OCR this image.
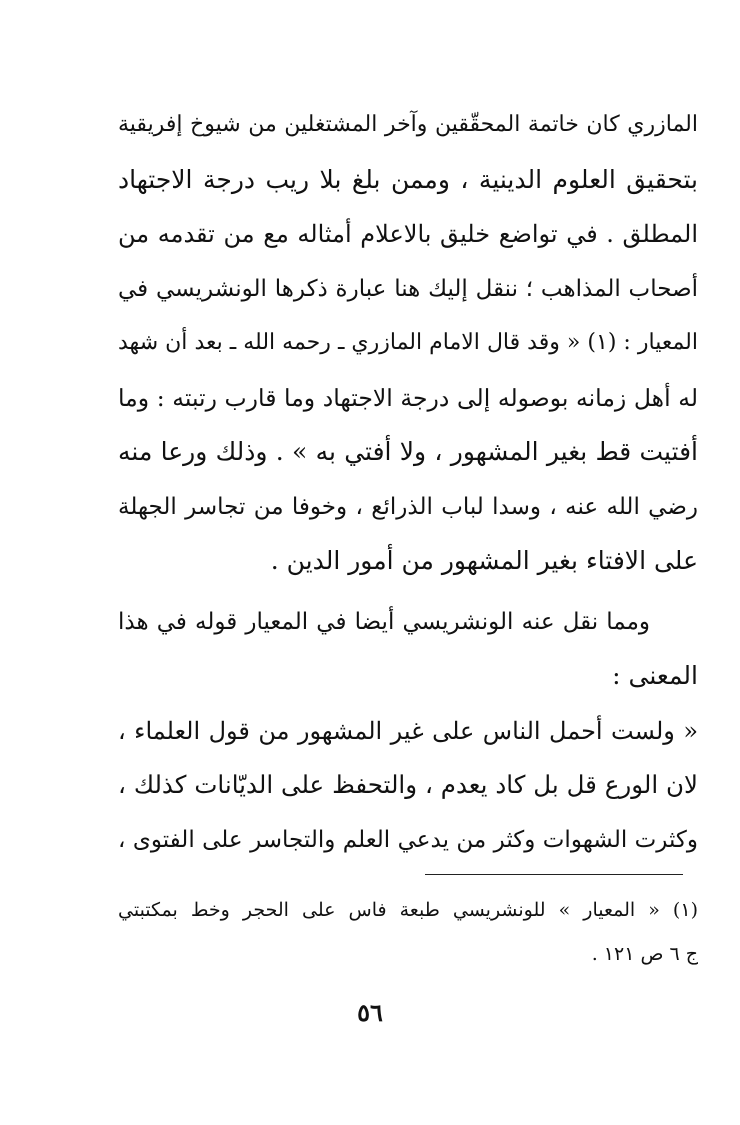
المازري كان خاتمة المحقّقين وآخر المشتغلين من شيوخ إفريقية
بتحقيق العلوم الدينية ، وممن بلغ بلا ريب درجة الاجتهاد
المطلق . في تواضع خليق بالاعلام أمثاله مع من تقدمه من
أصحاب المذاهب ؛ ننقل إليك هنا عبارة ذكرها الونشريسي في
المعيار : (١) « وقد قال الامام المازري ـ رحمه الله ـ بعد أن شهد
له أهل زمانه بوصوله إلى درجة الاجتهاد وما قارب رتبته : وما
أفتيت قط بغير المشهور ، ولا أفتي به » . وذلك ورعا منه
رضي الله عنه ، وسدا لباب الذرائع ، وخوفا من تجاسر الجهلة
على الافتاء بغير المشهور من أمور الدين .
ومما نقل عنه الونشريسي أيضا في المعيار قوله في هذا
المعنى :
« ولست أحمل الناس على غير المشهور من قول العلماء ،
لان الورع قل بل كاد يعدم ، والتحفظ على الديّانات كذلك ،
وكثرت الشهوات وكثر من يدعي العلم والتجاسر على الفتوى ،
(١) « المعيار » للونشريسي طبعة فاس على الحجر وخط بمكتبتي
ج ٦ ص ١٢١ .
٥٦
